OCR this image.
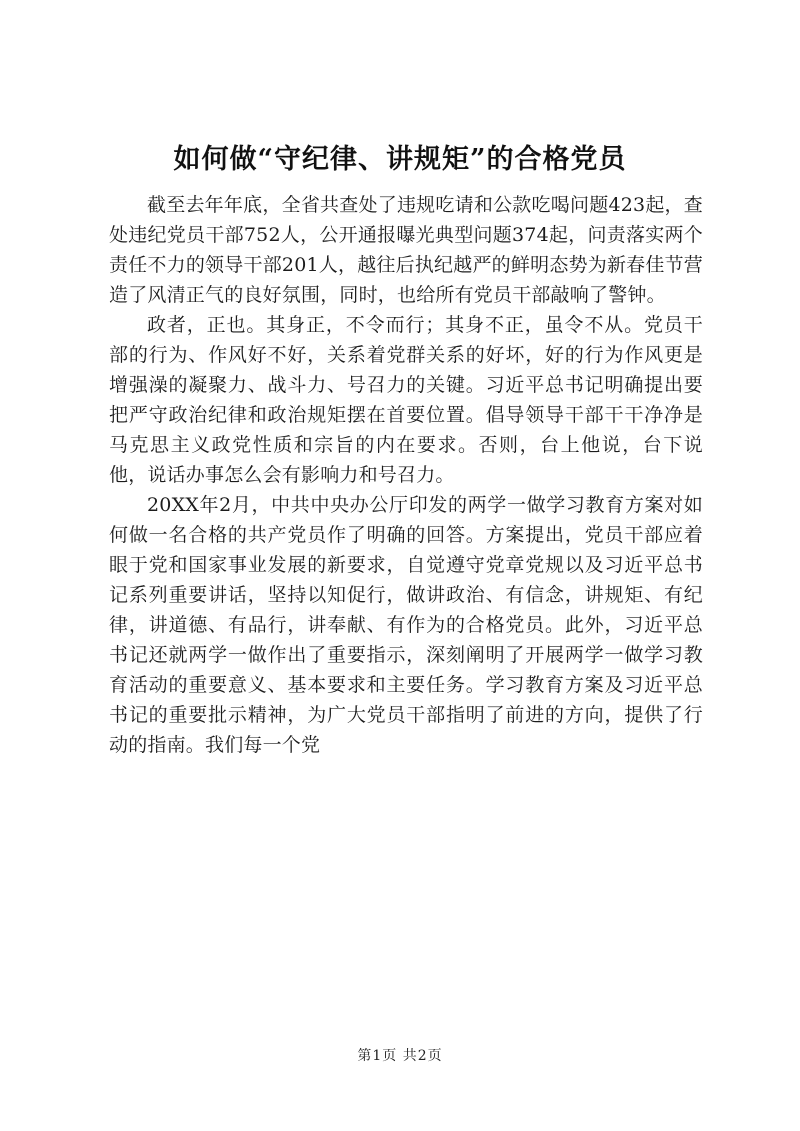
如何做“守纪律、讲规矩”的合格党员

截至去年年底，全省共查处了违规吃请和公款吃喝问题423起，查处违纪党员干部752人，公开通报曝光典型问题374起，问责落实两个责任不力的领导干部201人，越往后执纪越严的鲜明态势为新春佳节营造了风清正气的良好氛围，同时，也给所有党员干部敲响了警钟。

政者，正也。其身正，不令而行；其身不正，虽令不从。党员干部的行为、作风好不好，关系着党群关系的好坏，好的行为作风更是增强澡的凝聚力、战斗力、号召力的关键。习近平总书记明确提出要把严守政治纪律和政治规矩摆在首要位置。倡导领导干部干干净净是马克思主义政党性质和宗旨的内在要求。否则，台上他说，台下说他，说话办事怎么会有影响力和号召力。

20XX年2月，中共中央办公厅印发的两学一做学习教育方案对如何做一名合格的共产党员作了明确的回答。方案提出，党员干部应着眼于党和国家事业发展的新要求，自觉遵守党章党规以及习近平总书记系列重要讲话，坚持以知促行，做讲政治、有信念，讲规矩、有纪律，讲道德、有品行，讲奉献、有作为的合格党员。此外，习近平总书记还就两学一做作出了重要指示，深刻阐明了开展两学一做学习教育活动的重要意义、基本要求和主要任务。学习教育方案及习近平总书记的重要批示精神，为广大党员干部指明了前进的方向，提供了行动的指南。我们每一个党

第1页 共2页
